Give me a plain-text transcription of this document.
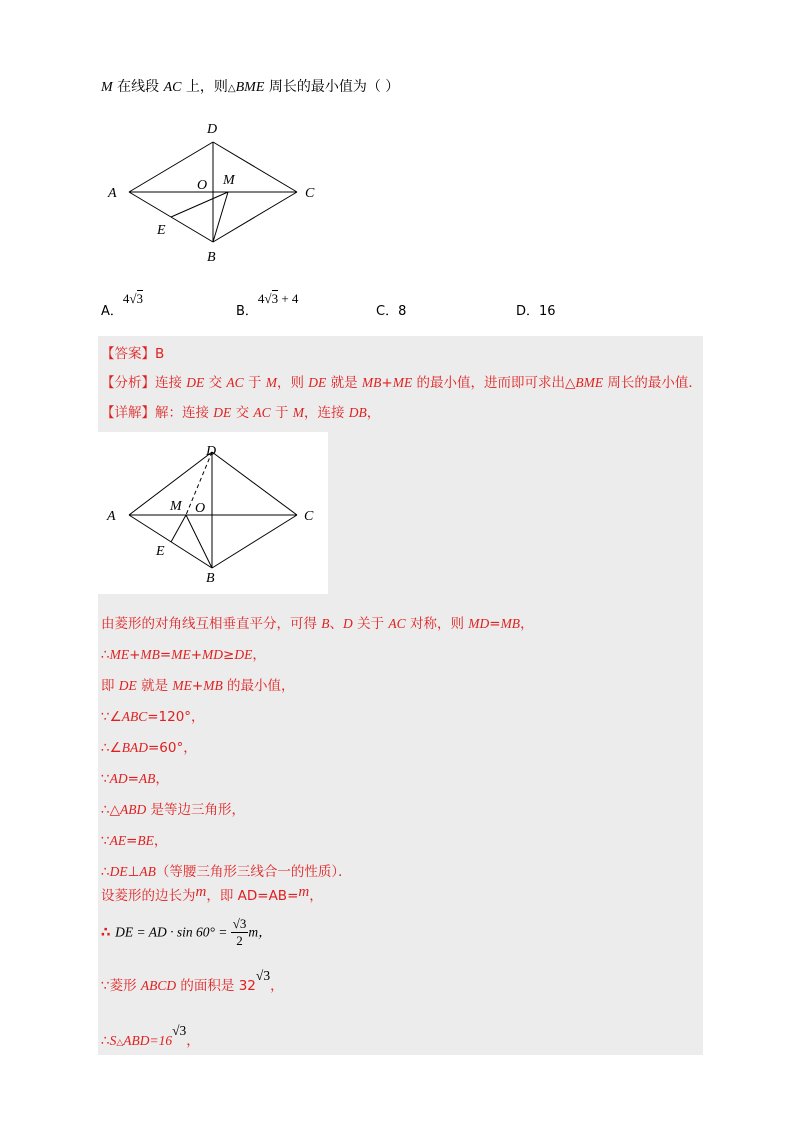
M 在线段 AC 上，则△BME 周长的最小值为（ ）
D
A
O M
C
E
B
A．4√3
B．4√3 + 4
C．8	D．16
【答案】B
【分析】连接 DE 交 AC 于 M，则 DE 就是 MB+ME 的最小值，进而即可求出△BME 周长的最小值．
【详解】解：连接 DE 交 AC 于 M，连接 DB，
D
A
M O
C
E
B
由菱形的对角线互相垂直平分，可得 B、D 关于 AC 对称，则 MD=MB，
∴ME+MB=ME+MD≥DE，
即 DE 就是 ME+MB 的最小值，
∵∠ABC=120°，
∴∠BAD=60°，
∵AD=AB，
∴△ABD 是等边三角形，
∵AE=BE，
∴DE⊥AB（等腰三角形三线合一的性质）．
设菱形的边长为m，即 AD=AB=m，
∴ DE = AD · $\sin 60^\circ = \frac{√3}{2}$ m，
∵菱形 ABCD 的面积是 32√3，
∴S△ABD=16√3，
